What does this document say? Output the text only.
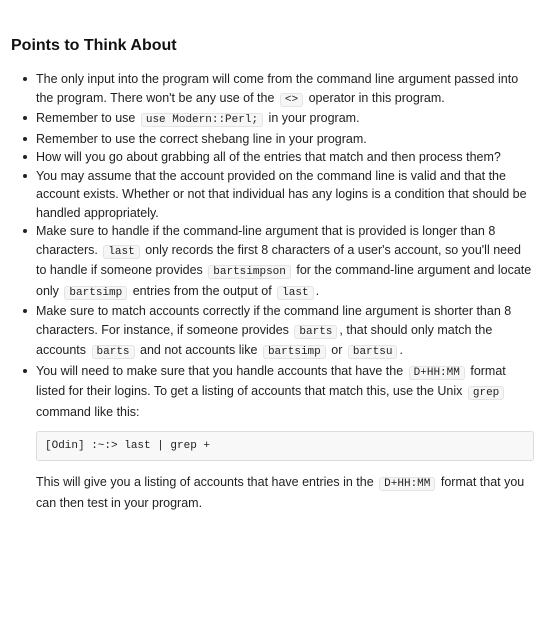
Points to Think About
The only input into the program will come from the command line argument passed into the program. There won't be any use of the <> operator in this program.
Remember to use use Modern::Perl; in your program.
Remember to use the correct shebang line in your program.
How will you go about grabbing all of the entries that match and then process them?
You may assume that the account provided on the command line is valid and that the account exists. Whether or not that individual has any logins is a condition that should be handled appropriately.
Make sure to handle if the command-line argument that is provided is longer than 8 characters. last only records the first 8 characters of a user's account, so you'll need to handle if someone provides bartsimpson for the command-line argument and locate only bartsimp entries from the output of last .
Make sure to match accounts correctly if the command line argument is shorter than 8 characters. For instance, if someone provides barts , that should only match the accounts barts and not accounts like bartsimp or bartsu .
You will need to make sure that you handle accounts that have the D+HH:MM format listed for their logins. To get a listing of accounts that match this, use the Unix grep command like this:
[Odin] :~:> last | grep +
This will give you a listing of accounts that have entries in the D+HH:MM format that you can then test in your program.
